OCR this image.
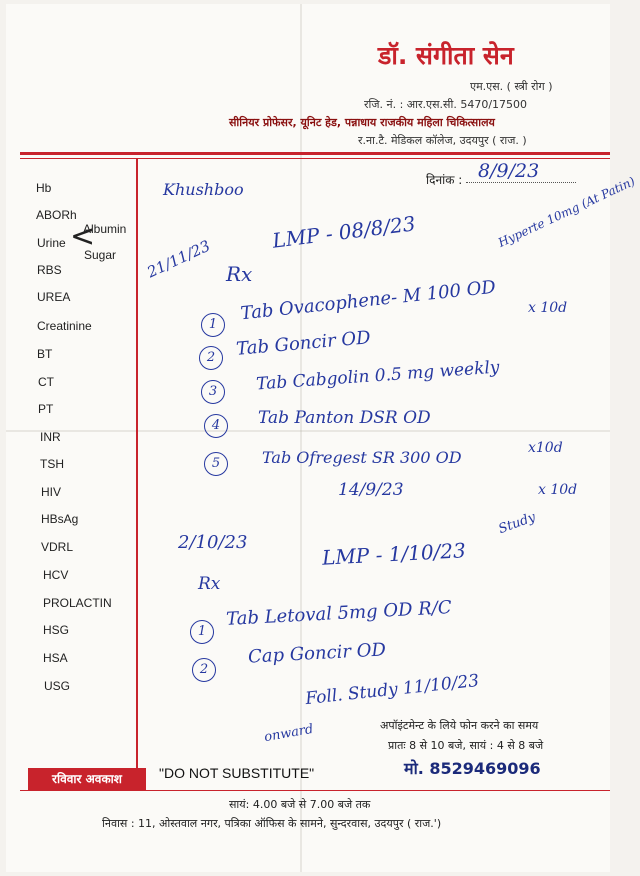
डॉ. संगीता सेन
एम.एस. ( स्त्री रोग )
रजि. नं. : आर.एस.सी. 5470/17500
सीनियर प्रोफेसर, यूनिट हेड, पन्नाधाय राजकीय महिला चिकित्सालय
र.ना.टै. मेडिकल कॉलेज, उदयपुर ( राज. )
दिनांक :
Hb
ABORh
Urine <
Albumin
Sugar
RBS
UREA
Creatinine
BT
CT
PT
INR
TSH
HIV
HBsAg
VDRL
HCV
PROLACTIN
HSG
HSA
USG
8/9/23
Khushboo
LMP - 08/8/23	Hyperte 10mg (At Patin)
21/11/23 Rx
1
Tab Ovacophene- M 100 OD
2	Tab Goncir OD
3	Tab Cabgolin 0.5 mg weekly
4	Tab Panton DSR OD
5	Tab Ofregest SR 300 OD
x 10d
x10d
x 10d
14/9/23
2/10/23	LMP - 1/10/23
Study
Rx
1
Tab Letoval 5mg OD R/C
2
Cap Goncir OD
Foll. Study 11/10/23
onward	अपॉइंटमेन्ट के लिये फोन करने का समय
प्रातः 8 से 10 बजे, सायं : 4 से 8 बजे
मो. 8529469096
रविवार अवकाश	"DO NOT SUBSTITUTE"
सायं: 4.00 बजे से 7.00 बजे तक
निवास : 11, ओस्तवाल नगर, पत्रिका ऑफिस के सामने, सुन्दरवास, उदयपुर ( राज.')
